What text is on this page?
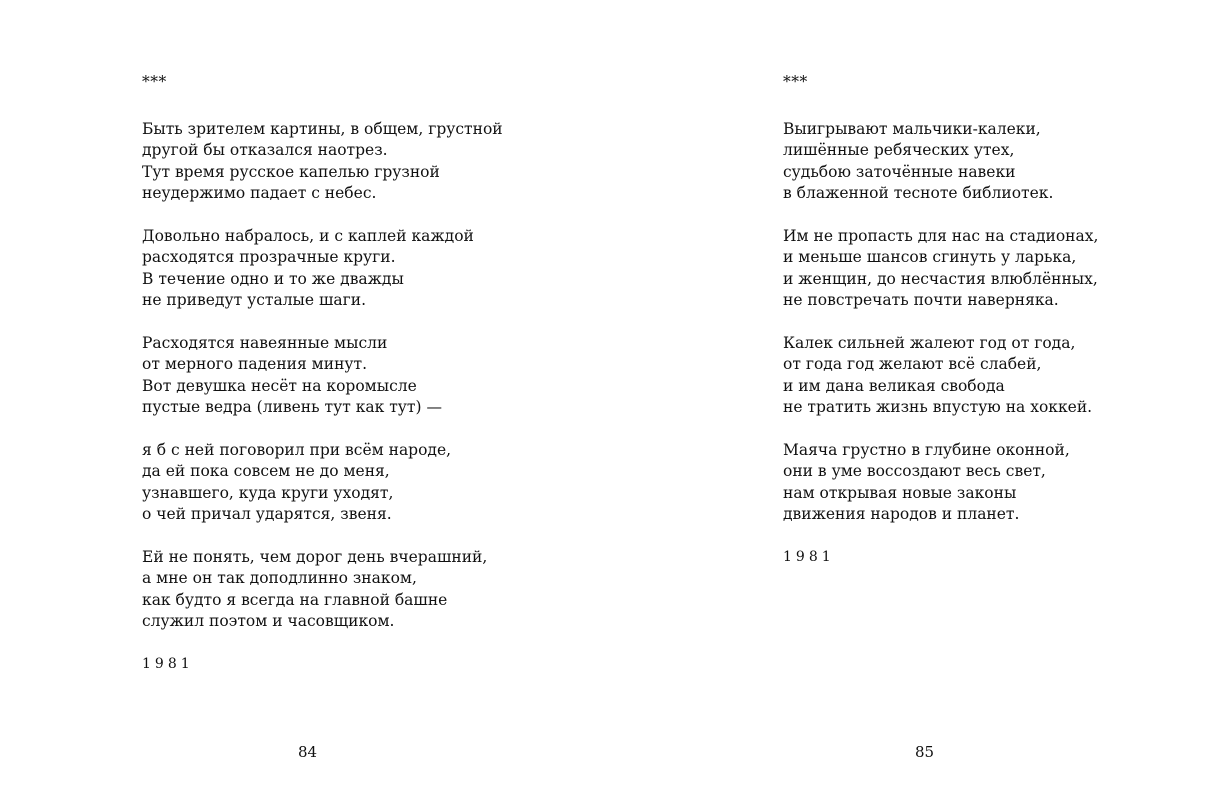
***
Быть зрителем картины, в общем, грустной
другой бы отказался наотрез.
Тут время русское капелью грузной
неудержимо падает с небес.
Довольно набралось, и с каплей каждой
расходятся прозрачные круги.
В течение одно и то же дважды
не приведут усталые шаги.
Расходятся навеянные мысли
от мерного падения минут.
Вот девушка несёт на коромысле
пустые ведра (ливень тут как тут) —
я б с ней поговорил при всём народе,
да ей пока совсем не до меня,
узнавшего, куда круги уходят,
о чей причал ударятся, звеня.
Ей не понять, чем дорог день вчерашний,
а мне он так доподлинно знаком,
как будто я всегда на главной башне
служил поэтом и часовщиком.
1981
84
***
Выигрывают мальчики-калеки,
лишённые ребяческих утех,
судьбою заточённые навеки
в блаженной тесноте библиотек.
Им не пропасть для нас на стадионах,
и меньше шансов сгинуть у ларька,
и женщин, до несчастия влюблённых,
не повстречать почти наверняка.
Калек сильней жалеют год от года,
от года год желают всё слабей,
и им дана великая свобода
не тратить жизнь впустую на хоккей.
Маяча грустно в глубине оконной,
они в уме воссоздают весь свет,
нам открывая новые законы
движения народов и планет.
1981
85
